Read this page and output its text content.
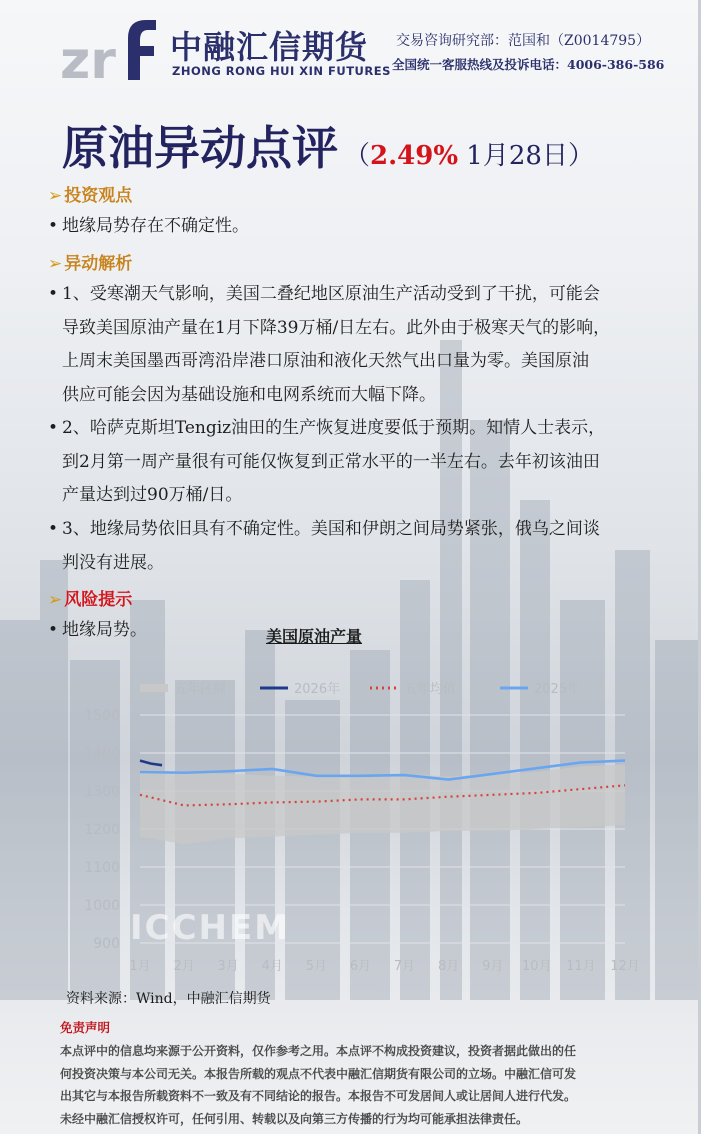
zr 中融汇信期货
ZHONG RONG HUI XIN FUTURES
交易咨询研究部：范国和（Z0014795）
全国统一客服热线及投诉电话：4006-386-586
原油异动点评 （2.49% 1月28日）
➢ 投资观点
• 地缘局势存在不确定性。
➢ 异动解析
• 1、受寒潮天气影响，美国二叠纪地区原油生产活动受到了干扰，可能会
导致美国原油产量在1月下降39万桶/日左右。此外由于极寒天气的影响，
上周末美国墨西哥湾沿岸港口原油和液化天然气出口量为零。美国原油
供应可能会因为基础设施和电网系统而大幅下降。
• 2、哈萨克斯坦Tengiz油田的生产恢复进度要低于预期。知情人士表示，
到2月第一周产量很有可能仅恢复到正常水平的一半左右。去年初该油田
产量达到过90万桶/日。
• 3、地缘局势依旧具有不确定性。美国和伊朗之间局势紧张，俄乌之间谈
判没有进展。
➢ 风险提示
• 地缘局势。	美国原油产量
900
1000
1100
1200
1300
1400
1500
1月 2月 3月 4月 5月 6月 7月 8月 9月 10月 11月 12月
五年区间	2026年	五年均值	2025年
ICCHEM
资料来源：Wind，中融汇信期货
免责声明
本点评中的信息均来源于公开资料，仅作参考之用。本点评不构成投资建议，投资者据此做出的任
何投资决策与本公司无关。本报告所载的观点不代表中融汇信期货有限公司的立场。中融汇信可发
出其它与本报告所载资料不一致及有不同结论的报告。本报告不可发居间人或让居间人进行代发。
未经中融汇信授权许可，任何引用、转载以及向第三方传播的行为均可能承担法律责任。
